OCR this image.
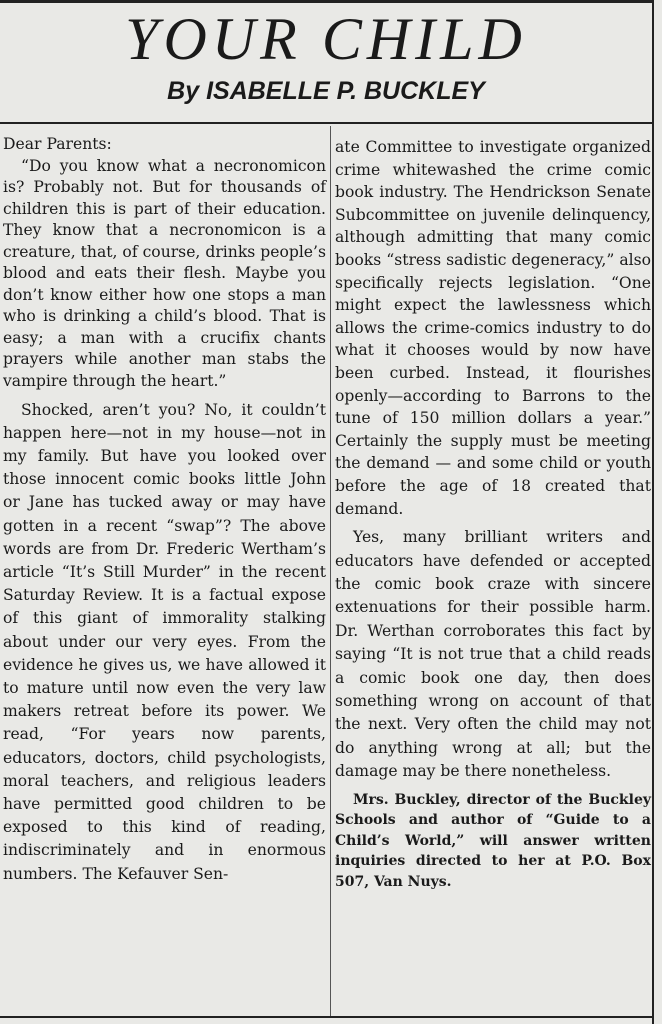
YOUR CHILD
By ISABELLE P. BUCKLEY

Dear Parents:

“Do you know what a necronomicon is? Probably not. But for thousands of children this is part of their education. They know that a necronomicon is a creature, that, of course, drinks people’s blood and eats their flesh. Maybe you don’t know either how one stops a man who is drinking a child’s blood. That is easy; a man with a crucifix chants prayers while another man stabs the vampire through the heart.”

Shocked, aren’t you? No, it couldn’t happen here—not in my house—not in my family. But have you looked over those innocent comic books little John or Jane has tucked away or may have gotten in a recent “swap”? The above words are from Dr. Frederic Wertham’s article “It’s Still Murder” in the recent Saturday Review. It is a factual expose of this giant of immorality stalking about under our very eyes. From the evidence he gives us, we have allowed it to mature until now even the very law makers retreat before its power. We read, “For years now parents, educators, doctors, child psychologists, moral teachers, and religious leaders have permitted good children to be exposed to this kind of reading, indiscriminately and in enormous numbers. The Kefauver Sen-

ate Committee to investigate organized crime whitewashed the crime comic book industry. The Hendrickson Senate Subcommittee on juvenile delinquency, although admitting that many comic books “stress sadistic degeneracy,” also specifically rejects legislation. “One might expect the lawlessness which allows the crime-comics industry to do what it chooses would by now have been curbed. Instead, it flourishes openly—according to Barrons to the tune of 150 million dollars a year.” Certainly the supply must be meeting the demand — and some child or youth before the age of 18 created that demand.

Yes, many brilliant writers and educators have defended or accepted the comic book craze with sincere extenuations for their possible harm. Dr. Werthan corroborates this fact by saying “It is not true that a child reads a comic book one day, then does something wrong on account of that the next. Very often the child may not do anything wrong at all; but the damage may be there nonetheless.

Mrs. Buckley, director of the Buckley Schools and author of “Guide to a Child’s World,” will answer written inquiries directed to her at P.O. Box 507, Van Nuys.
